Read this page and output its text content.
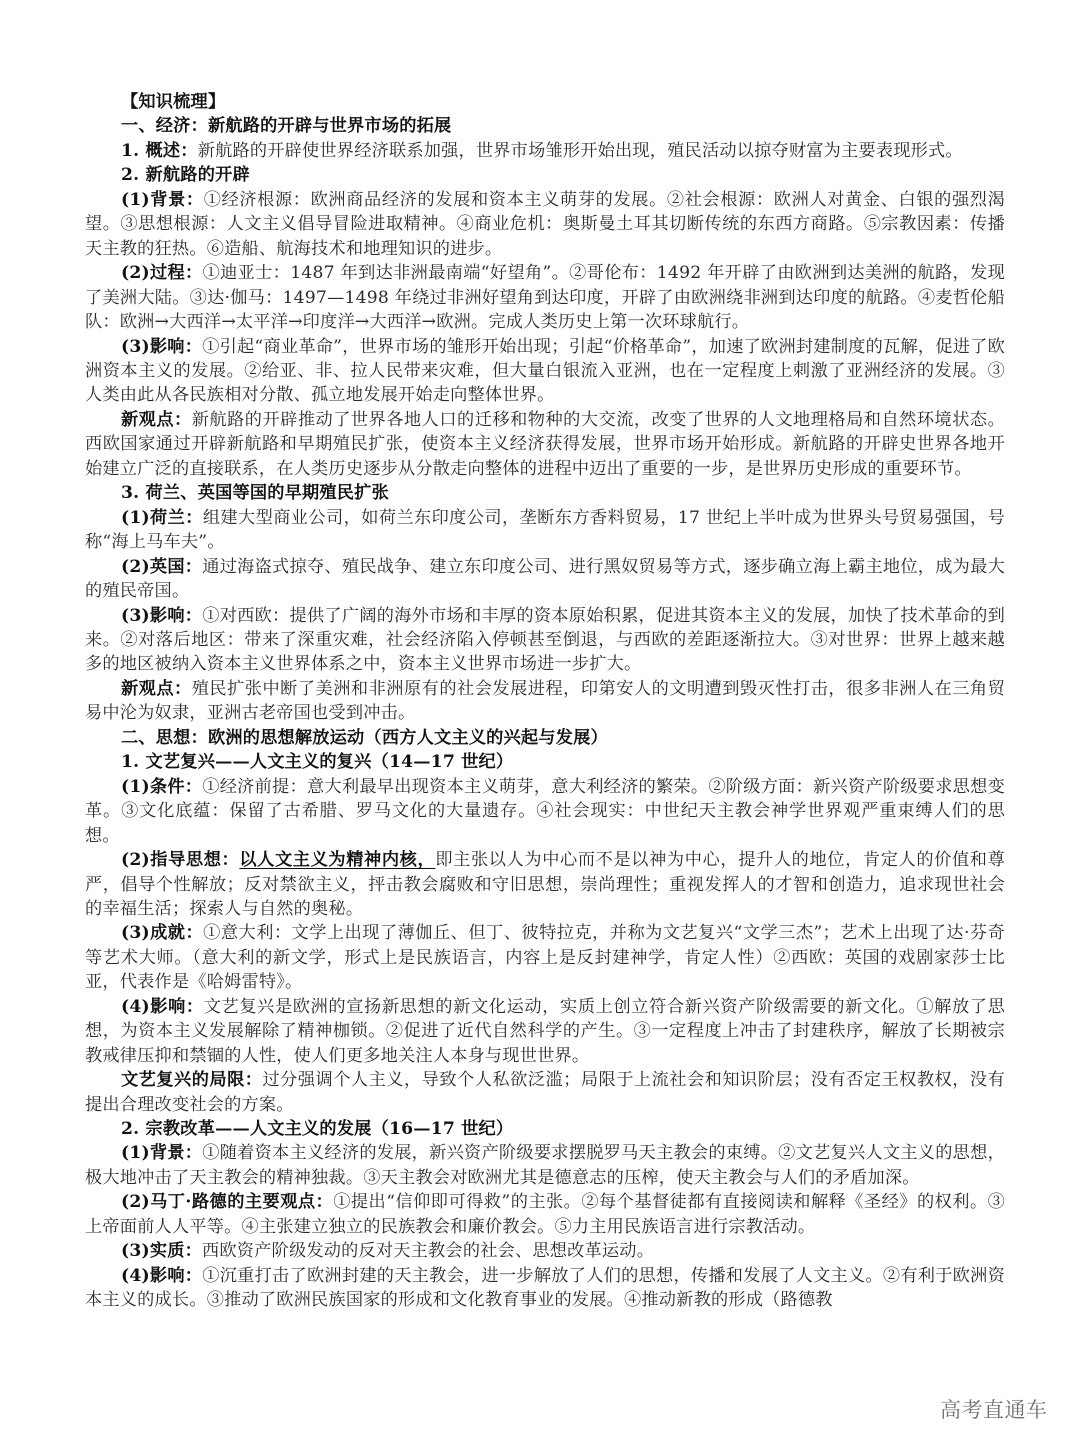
【知识梳理】

一、经济：新航路的开辟与世界市场的拓展

1. 概述：新航路的开辟使世界经济联系加强，世界市场雏形开始出现，殖民活动以掠夺财富为主要表现形式。

2. 新航路的开辟

(1)背景：①经济根源：欧洲商品经济的发展和资本主义萌芽的发展。②社会根源：欧洲人对黄金、白银的强烈渴望。③思想根源：人文主义倡导冒险进取精神。④商业危机：奥斯曼土耳其切断传统的东西方商路。⑤宗教因素：传播天主教的狂热。⑥造船、航海技术和地理知识的进步。

(2)过程：①迪亚士：1487 年到达非洲最南端“好望角”。②哥伦布：1492 年开辟了由欧洲到达美洲的航路，发现了美洲大陆。③达·伽马：1497—1498 年绕过非洲好望角到达印度，开辟了由欧洲绕非洲到达印度的航路。④麦哲伦船队：欧洲→大西洋→太平洋→印度洋→大西洋→欧洲。完成人类历史上第一次环球航行。

(3)影响：①引起“商业革命”，世界市场的雏形开始出现；引起“价格革命”，加速了欧洲封建制度的瓦解，促进了欧洲资本主义的发展。②给亚、非、拉人民带来灾难，但大量白银流入亚洲，也在一定程度上刺激了亚洲经济的发展。③人类由此从各民族相对分散、孤立地发展开始走向整体世界。

新观点：新航路的开辟推动了世界各地人口的迁移和物种的大交流，改变了世界的人文地理格局和自然环境状态。西欧国家通过开辟新航路和早期殖民扩张，使资本主义经济获得发展，世界市场开始形成。新航路的开辟史世界各地开始建立广泛的直接联系，在人类历史逐步从分散走向整体的进程中迈出了重要的一步，是世界历史形成的重要环节。

3. 荷兰、英国等国的早期殖民扩张

(1)荷兰：组建大型商业公司，如荷兰东印度公司，垄断东方香料贸易，17 世纪上半叶成为世界头号贸易强国，号称“海上马车夫”。

(2)英国：通过海盗式掠夺、殖民战争、建立东印度公司、进行黑奴贸易等方式，逐步确立海上霸主地位，成为最大的殖民帝国。

(3)影响：①对西欧：提供了广阔的海外市场和丰厚的资本原始积累，促进其资本主义的发展，加快了技术革命的到来。②对落后地区：带来了深重灾难，社会经济陷入停顿甚至倒退，与西欧的差距逐渐拉大。③对世界：世界上越来越多的地区被纳入资本主义世界体系之中，资本主义世界市场进一步扩大。

新观点：殖民扩张中断了美洲和非洲原有的社会发展进程，印第安人的文明遭到毁灭性打击，很多非洲人在三角贸易中沦为奴隶，亚洲古老帝国也受到冲击。

二、思想：欧洲的思想解放运动（西方人文主义的兴起与发展）

1. 文艺复兴——人文主义的复兴（14—17 世纪）

(1)条件：①经济前提：意大利最早出现资本主义萌芽，意大利经济的繁荣。②阶级方面：新兴资产阶级要求思想变革。③文化底蕴：保留了古希腊、罗马文化的大量遗存。④社会现实：中世纪天主教会神学世界观严重束缚人们的思想。

(2)指导思想：以人文主义为精神内核，即主张以人为中心而不是以神为中心，提升人的地位，肯定人的价值和尊严，倡导个性解放；反对禁欲主义，抨击教会腐败和守旧思想，崇尚理性；重视发挥人的才智和创造力，追求现世社会的幸福生活；探索人与自然的奥秘。

(3)成就：①意大利：文学上出现了薄伽丘、但丁、彼特拉克，并称为文艺复兴“文学三杰”；艺术上出现了达·芬奇等艺术大师。（意大利的新文学，形式上是民族语言，内容上是反封建神学，肯定人性）②西欧：英国的戏剧家莎士比亚，代表作是《哈姆雷特》。

(4)影响：文艺复兴是欧洲的宣扬新思想的新文化运动，实质上创立符合新兴资产阶级需要的新文化。①解放了思想，为资本主义发展解除了精神枷锁。②促进了近代自然科学的产生。③一定程度上冲击了封建秩序，解放了长期被宗教戒律压抑和禁锢的人性，使人们更多地关注人本身与现世世界。

文艺复兴的局限：过分强调个人主义，导致个人私欲泛滥；局限于上流社会和知识阶层；没有否定王权教权，没有提出合理改变社会的方案。

2. 宗教改革——人文主义的发展（16—17 世纪）

(1)背景：①随着资本主义经济的发展，新兴资产阶级要求摆脱罗马天主教会的束缚。②文艺复兴人文主义的思想，极大地冲击了天主教会的精神独裁。③天主教会对欧洲尤其是德意志的压榨，使天主教会与人们的矛盾加深。

(2)马丁·路德的主要观点：①提出“信仰即可得救”的主张。②每个基督徒都有直接阅读和解释《圣经》的权利。③上帝面前人人平等。④主张建立独立的民族教会和廉价教会。⑤力主用民族语言进行宗教活动。

(3)实质：西欧资产阶级发动的反对天主教会的社会、思想改革运动。

(4)影响：①沉重打击了欧洲封建的天主教会，进一步解放了人们的思想，传播和发展了人文主义。②有利于欧洲资本主义的成长。③推动了欧洲民族国家的形成和文化教育事业的发展。④推动新教的形成（路德教

高考直通车
